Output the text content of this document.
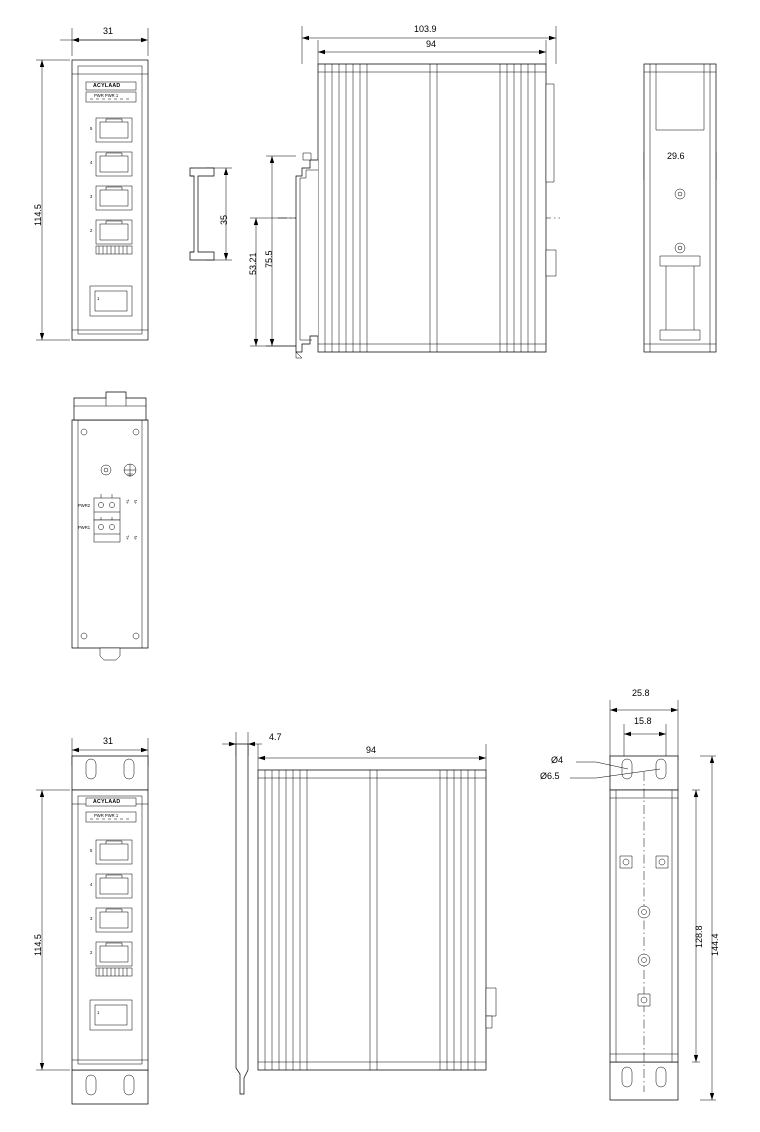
31
114.5
ACYLAAD
PWR PWR 1
5
4
3
2
1
103.9
94
75.5
53.21
35
29.6
PWR2
PWR1
+L -N
+L -N
31
114.5
ACYLAAD
PWR PWR 1
5
4
3
2
1
4.7
94
25.8
15.8
Ø4
Ø6.5
128.8 144.4
